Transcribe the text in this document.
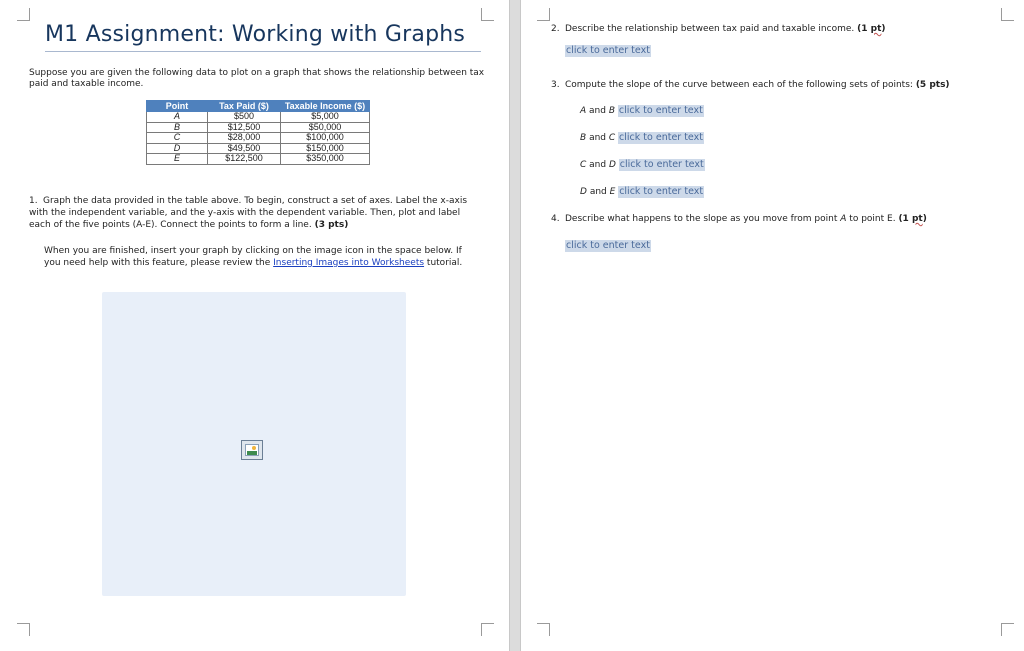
M1 Assignment: Working with Graphs
Suppose you are given the following data to plot on a graph that shows the relationship between tax paid and taxable income.
Point	Tax Paid ($)	Taxable Income ($)
A	$500	$5,000
B	$12,500	$50,000
C	$28,000	$100,000
D	$49,500	$150,000
E	$122,500	$350,000
1. Graph the data provided in the table above. To begin, construct a set of axes. Label the x-axis with the independent variable, and the y-axis with the dependent variable. Then, plot and label each of the five points (A-E). Connect the points to form a line. (3 pts)
When you are finished, insert your graph by clicking on the image icon in the space below. If you need help with this feature, please review the Inserting Images into Worksheets tutorial.
2. Describe the relationship between tax paid and taxable income. (1 pt)
click to enter text
3. Compute the slope of the curve between each of the following sets of points: (5 pts)
A and B click to enter text
B and C click to enter text
C and D click to enter text
D and E click to enter text
4. Describe what happens to the slope as you move from point A to point E. (1 pt)
click to enter text
